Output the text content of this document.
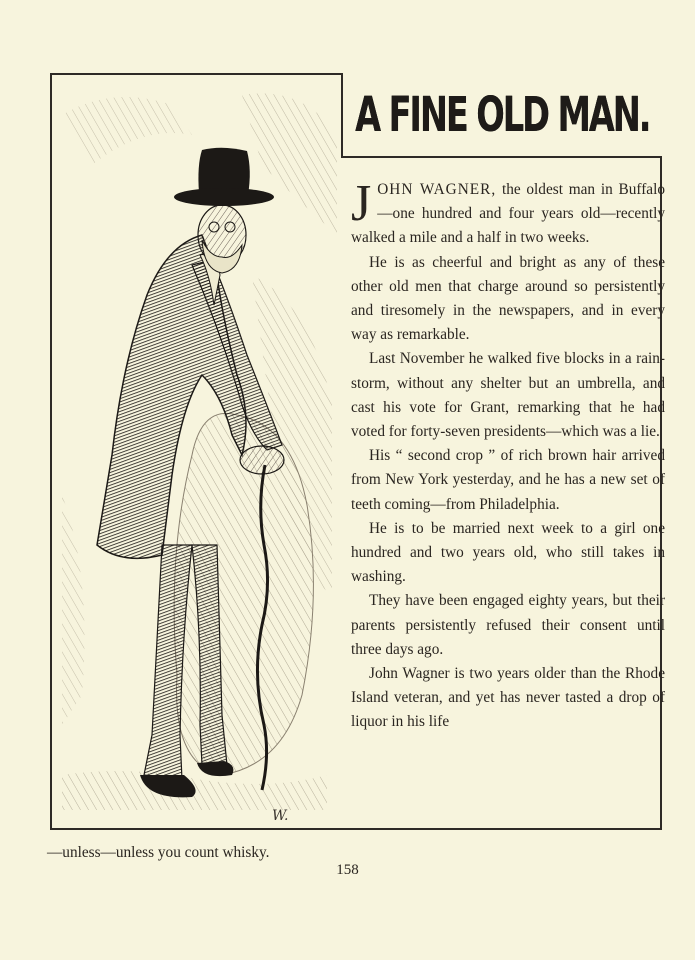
W.
A FINE OLD MAN.

JOHN WAGNER, the oldest man in Buffalo—one hundred and four years old—recently walked a mile and a half in two weeks.

He is as cheerful and bright as any of these other old men that charge around so persistently and tiresomely in the newspapers, and in every way as remarkable.

Last November he walked five blocks in a rain-storm, without any shelter but an umbrella, and cast his vote for Grant, remarking that he had voted for forty-seven presidents—which was a lie.

His “ second crop ” of rich brown hair arrived from New York yesterday, and he has a new set of teeth coming—from Philadelphia.

He is to be married next week to a girl one hundred and two years old, who still takes in washing.

They have been engaged eighty years, but their parents persistently refused their consent until three days ago.

John Wagner is two years older than the Rhode Island veteran, and yet has never tasted a drop of liquor in his life

—unless—unless you count whisky.
158
